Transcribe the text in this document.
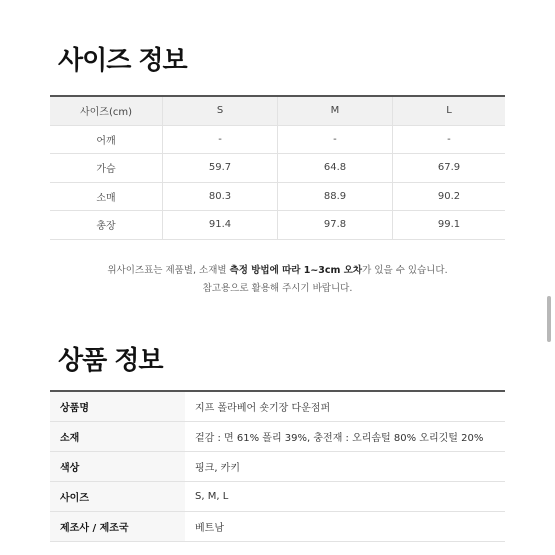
사이즈 정보
사이즈(cm)	S	M	L
어깨	-	-	-
가슴	59.7	64.8	67.9
소매	80.3	88.9	90.2
총장	91.4	97.8	99.1

위사이즈표는 제품별, 소재별 측정 방법에 따라 1~3cm 오차가 있을 수 있습니다.

참고용으로 활용해 주시기 바랍니다.

상품 정보
상품명	지프 폴라베어 숏기장 다운점퍼
소재	겉감 : 면 61% 폴리 39%, 충전재 : 오리솜털 80% 오리깃털 20%
색상	핑크, 카키
사이즈	S, M, L
제조사 / 제조국	베트남
